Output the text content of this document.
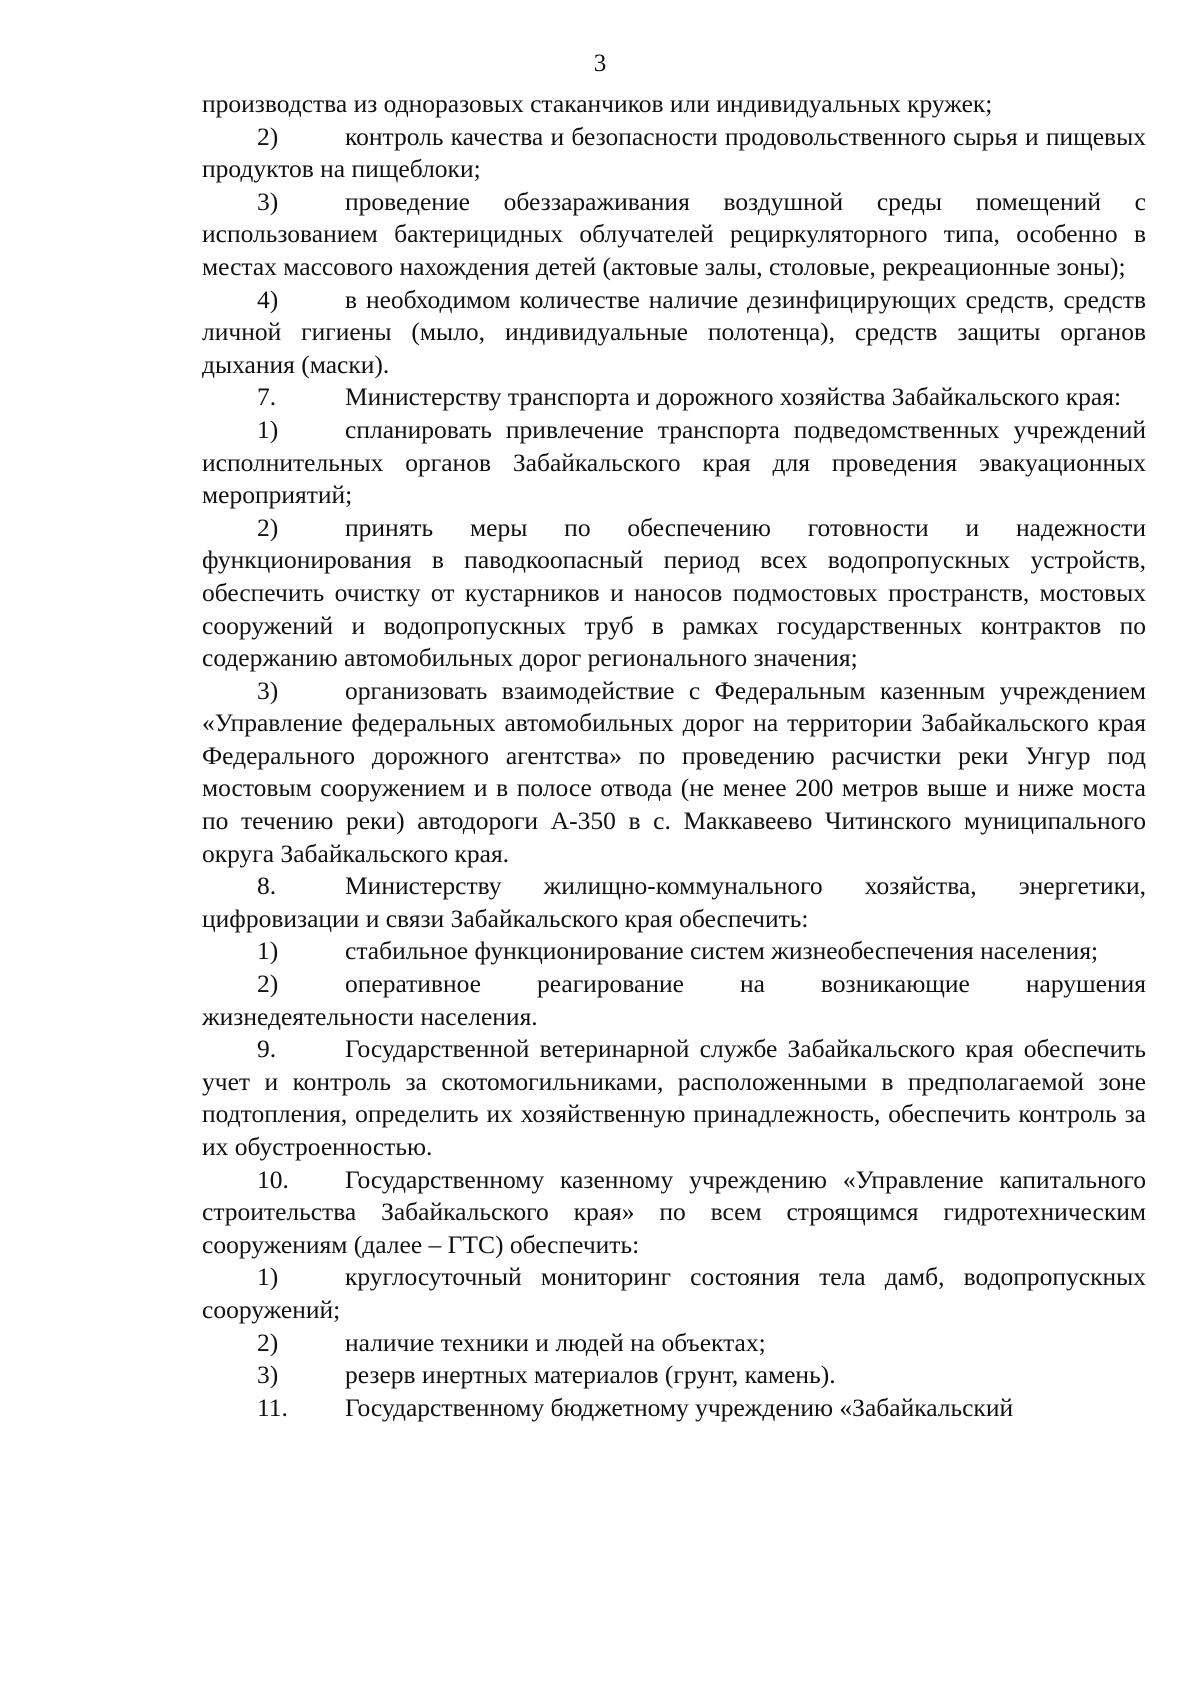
3

производства из одноразовых стаканчиков или индивидуальных кружек;

2)	контроль качества и безопасности продовольственного сырья и пищевых продуктов на пищеблоки;

3)	проведение обеззараживания воздушной среды помещений с использованием бактерицидных облучателей рециркуляторного типа, особенно в местах массового нахождения детей (актовые залы, столовые, рекреационные зоны);

4)	в необходимом количестве наличие дезинфицирующих средств, средств личной гигиены (мыло, индивидуальные полотенца), средств защиты органов дыхания (маски).

7.	Министерству транспорта и дорожного хозяйства Забайкальского края:

1)	спланировать привлечение транспорта подведомственных учреждений исполнительных органов Забайкальского края для проведения эвакуационных мероприятий;

2)	принять меры по обеспечению готовности и надежности функционирования в паводкоопасный период всех водопропускных устройств, обеспечить очистку от кустарников и наносов подмостовых пространств, мостовых сооружений и водопропускных труб в рамках государственных контрактов по содержанию автомобильных дорог регионального значения;

3)	организовать взаимодействие с Федеральным казенным учреждением «Управление федеральных автомобильных дорог на территории Забайкальского края Федерального дорожного агентства» по проведению расчистки реки Унгур под мостовым сооружением и в полосе отвода (не менее 200 метров выше и ниже моста по течению реки) автодороги А-350 в с. Маккавеево Читинского муниципального округа Забайкальского края.

8.	Министерству жилищно-коммунального хозяйства, энергетики, цифровизации и связи Забайкальского края обеспечить:

1)	стабильное функционирование систем жизнеобеспечения населения;

2)	оперативное реагирование на возникающие нарушения жизнедеятельности населения.

9.	Государственной ветеринарной службе Забайкальского края обеспечить учет и контроль за скотомогильниками, расположенными в предполагаемой зоне подтопления, определить их хозяйственную принадлежность, обеспечить контроль за их обустроенностью.

10. Государственному казенному учреждению «Управление капитального строительства Забайкальского края» по всем строящимся гидротехническим сооружениям (далее – ГТС) обеспечить:

1)	круглосуточный мониторинг состояния тела дамб, водопропускных сооружений;

2)	наличие техники и людей на объектах;

3)	резерв инертных материалов (грунт, камень).

11. Государственному бюджетному учреждению «Забайкальский
